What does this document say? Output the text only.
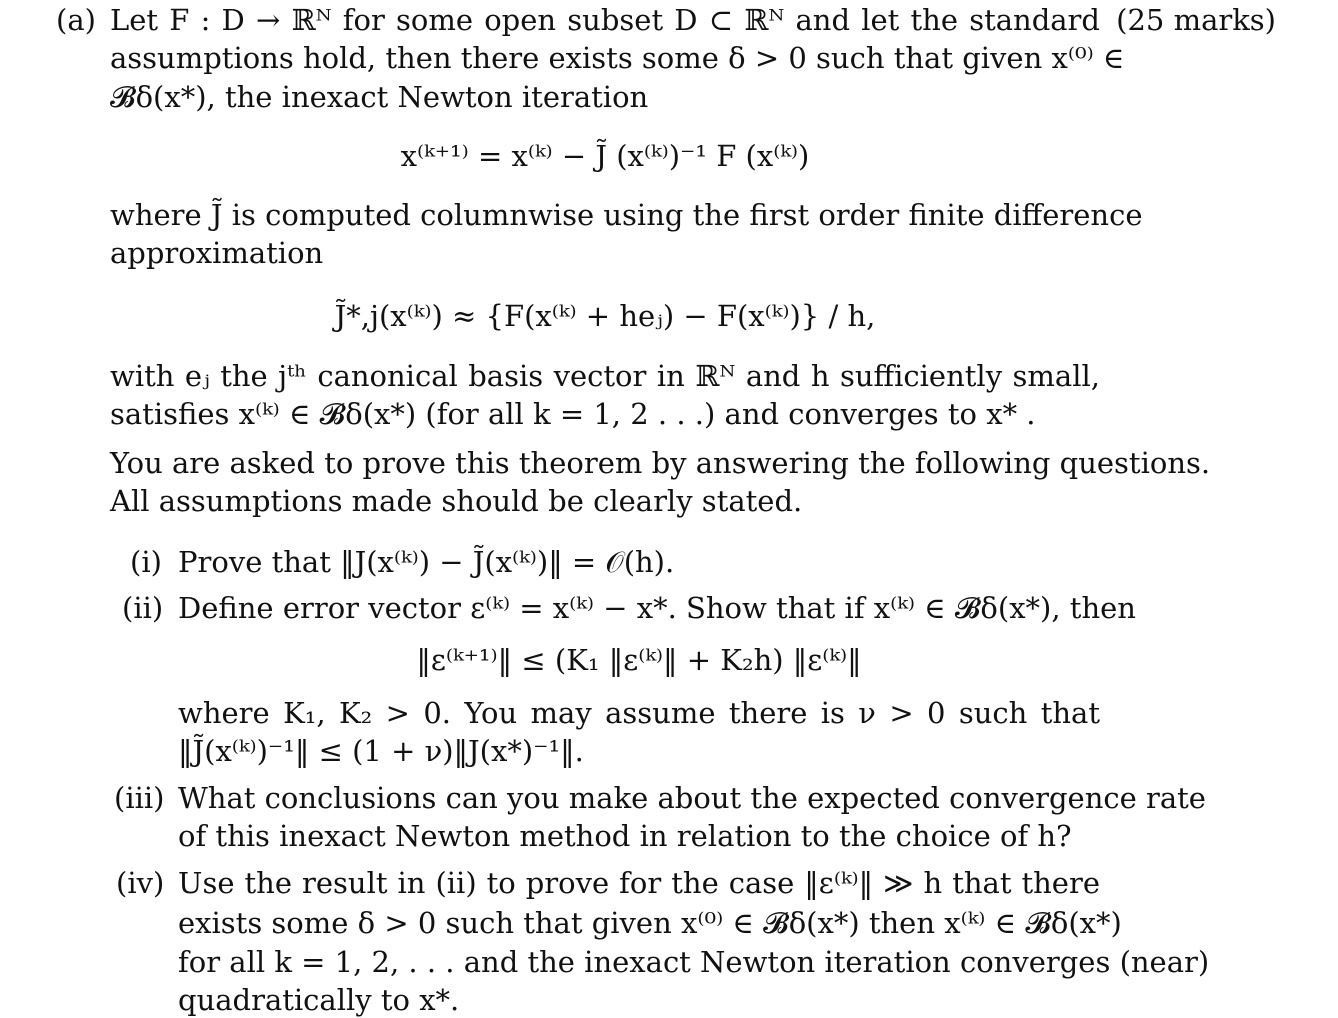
(a)	(25 marks)
Let F : D → ℝᴺ for some open subset D ⊂ ℝᴺ and let the standard
assumptions hold, then there exists some δ > 0 such that given x⁽⁰⁾ ∈
𝓑δ(x*), the inexact Newton iteration
x⁽ᵏ⁺¹⁾ = x⁽ᵏ⁾ − J̃ (x⁽ᵏ⁾)⁻¹ F (x⁽ᵏ⁾)
where J̃ is computed columnwise using the first order finite difference
approximation
J̃*,j(x⁽ᵏ⁾) ≈ {F(x⁽ᵏ⁾ + heⱼ) − F(x⁽ᵏ⁾)} / h,
with eⱼ the jᵗʰ canonical basis vector in ℝᴺ and h sufficiently small,
satisfies x⁽ᵏ⁾ ∈ 𝓑δ(x*) (for all k = 1, 2 . . .) and converges to x* .
You are asked to prove this theorem by answering the following questions.
All assumptions made should be clearly stated.
(i) Prove that ‖J(x⁽ᵏ⁾) − J̃(x⁽ᵏ⁾)‖ = 𝒪(h).
(ii) Define error vector ε⁽ᵏ⁾ = x⁽ᵏ⁾ − x*. Show that if x⁽ᵏ⁾ ∈ 𝓑δ(x*), then
‖ε⁽ᵏ⁺¹⁾‖ ≤ (K₁ ‖ε⁽ᵏ⁾‖ + K₂h) ‖ε⁽ᵏ⁾‖
where K₁, K₂ > 0. You may assume there is ν > 0 such that
‖J̃(x⁽ᵏ⁾)⁻¹‖ ≤ (1 + ν)‖J(x*)⁻¹‖.
(iii) What conclusions can you make about the expected convergence rate
of this inexact Newton method in relation to the choice of h?
(iv) Use the result in (ii) to prove for the case ‖ε⁽ᵏ⁾‖ ≫ h that there
exists some δ > 0 such that given x⁽⁰⁾ ∈ 𝓑δ(x*) then x⁽ᵏ⁾ ∈ 𝓑δ(x*)
for all k = 1, 2, . . . and the inexact Newton iteration converges (near)
quadratically to x*.
